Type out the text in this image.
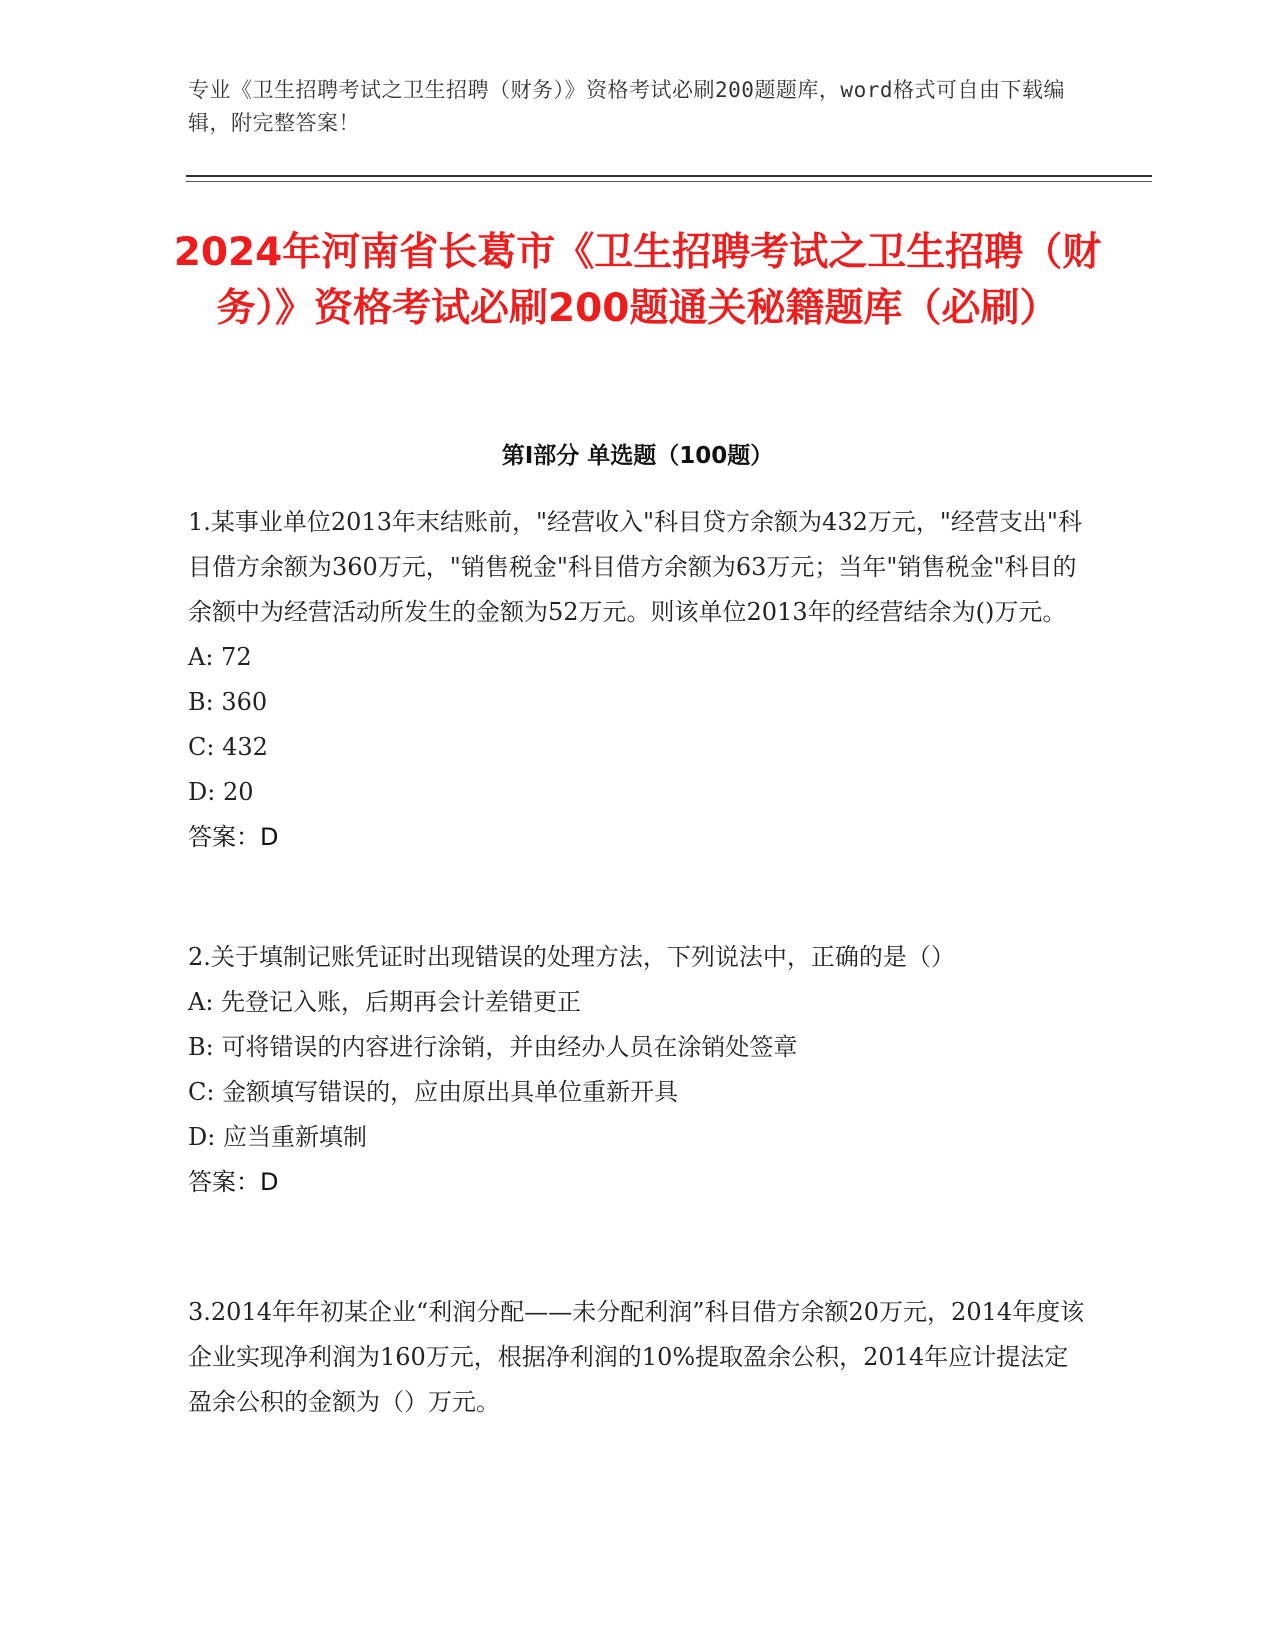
专业《卫生招聘考试之卫生招聘（财务）》资格考试必刷200题题库，word格式可自由下载编辑，附完整答案！
2024年河南省长葛市《卫生招聘考试之卫生招聘（财务）》资格考试必刷200题通关秘籍题库（必刷）
第Ⅰ部分 单选题（100题）

1.某事业单位2013年末结账前，"经营收入"科目贷方余额为432万元，"经营支出"科目借方余额为360万元，"销售税金"科目借方余额为63万元；当年"销售税金"科目的余额中为经营活动所发生的金额为52万元。则该单位2013年的经营结余为()万元。

A: 72

B: 360

C: 432

D: 20

答案：D

2.关于填制记账凭证时出现错误的处理方法，下列说法中，正确的是（）

A: 先登记入账，后期再会计差错更正

B: 可将错误的内容进行涂销，并由经办人员在涂销处签章

C: 金额填写错误的，应由原出具单位重新开具

D: 应当重新填制

答案：D

3.2014年年初某企业“利润分配——未分配利润”科目借方余额20万元，2014年度该企业实现净利润为160万元，根据净利润的10%提取盈余公积，2014年应计提法定盈余公积的金额为（）万元。
